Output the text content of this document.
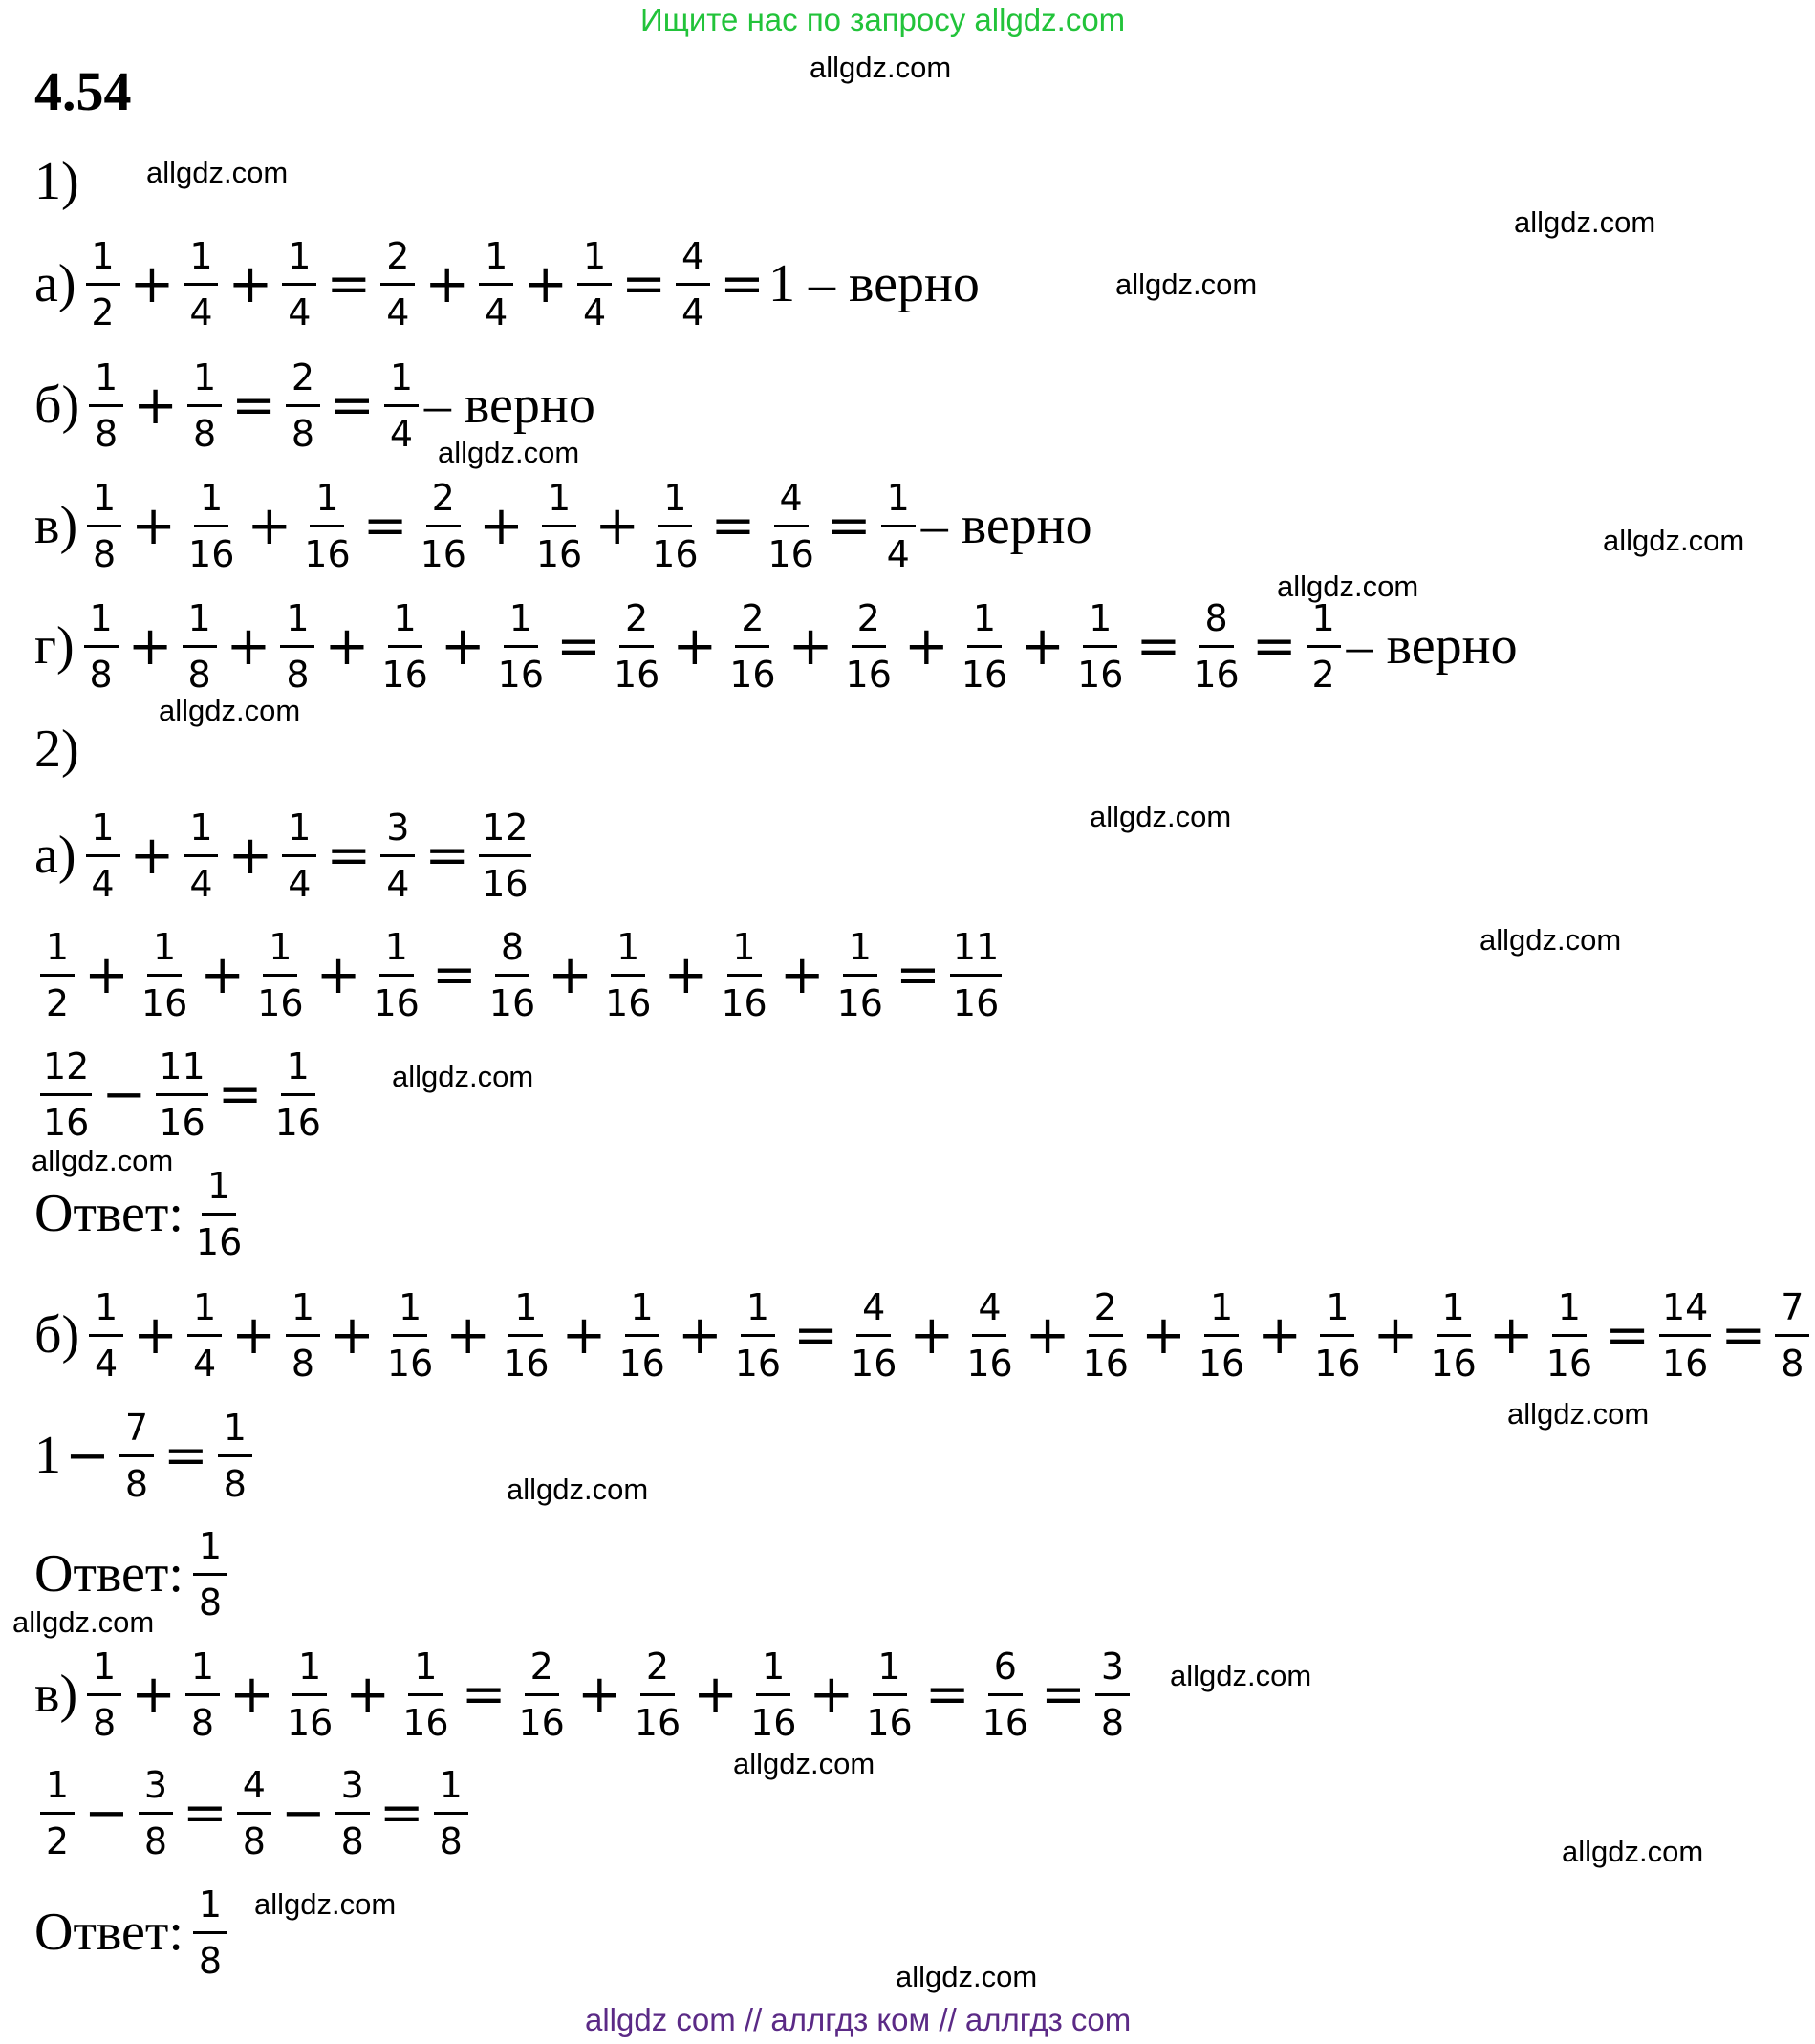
Ищите нас по запросу allgdz.com
4.54
1)
2)
allgdz com // аллгдз ком // аллгдз com
$а) \frac{1}{2} + \frac{1}{4} + \frac{1}{4} = \frac{2}{4} + \frac{1}{4} + \frac{1}{4} = \frac{4}{4} = 1$ – верно
$б) \frac{1}{8} + \frac{1}{8} = \frac{2}{8} = \frac{1}{4}$ – верно
$в) \frac{1}{8} + \frac{1}{16} + \frac{1}{16} = \frac{2}{16} + \frac{1}{16} + \frac{1}{16} = \frac{4}{16} = \frac{1}{4}$ – верно
$г) \frac{1}{8} + \frac{1}{8} + \frac{1}{8} + \frac{1}{16} + \frac{1}{16} = \frac{2}{16} + \frac{2}{16} + \frac{2}{16} + \frac{1}{16} + \frac{1}{16} = \frac{8}{16} = \frac{1}{2}$ – верно
$а) \frac{1}{4} + \frac{1}{4} + \frac{1}{4} = \frac{3}{4} = \frac{12}{16}$
$\frac{1}{2} + \frac{1}{16} + \frac{1}{16} + \frac{1}{16} = \frac{8}{16} + \frac{1}{16} + \frac{1}{16} + \frac{1}{16} = \frac{11}{16}$
$\frac{12}{16} - \frac{11}{16} = \frac{1}{16}$
Ответ: $\frac{1}{16}$
$б) \frac{1}{4} + \frac{1}{4} + \frac{1}{8} + \frac{1}{16} + \frac{1}{16} + \frac{1}{16} + \frac{1}{16} = \frac{4}{16} + \frac{4}{16} + \frac{2}{16} + \frac{1}{16} + \frac{1}{16} + \frac{1}{16} + \frac{1}{16} = \frac{14}{16} = \frac{7}{8}$
$1 - \frac{7}{8} = \frac{1}{8}$
Ответ: $\frac{1}{8}$
$в) \frac{1}{8} + \frac{1}{8} + \frac{1}{16} + \frac{1}{16} = \frac{2}{16} + \frac{2}{16} + \frac{1}{16} + \frac{1}{16} = \frac{6}{16} = \frac{3}{8}$
$\frac{1}{2} - \frac{3}{8} = \frac{4}{8} - \frac{3}{8} = \frac{1}{8}$
Ответ: $\frac{1}{8}$
allgdz.com
allgdz.com
allgdz.com
allgdz.com
allgdz.com
allgdz.com
allgdz.com
allgdz.com
allgdz.com
allgdz.com
allgdz.com
allgdz.com
allgdz.com
allgdz.com
allgdz.com
allgdz.com
allgdz.com
allgdz.com
allgdz.com
allgdz.com
